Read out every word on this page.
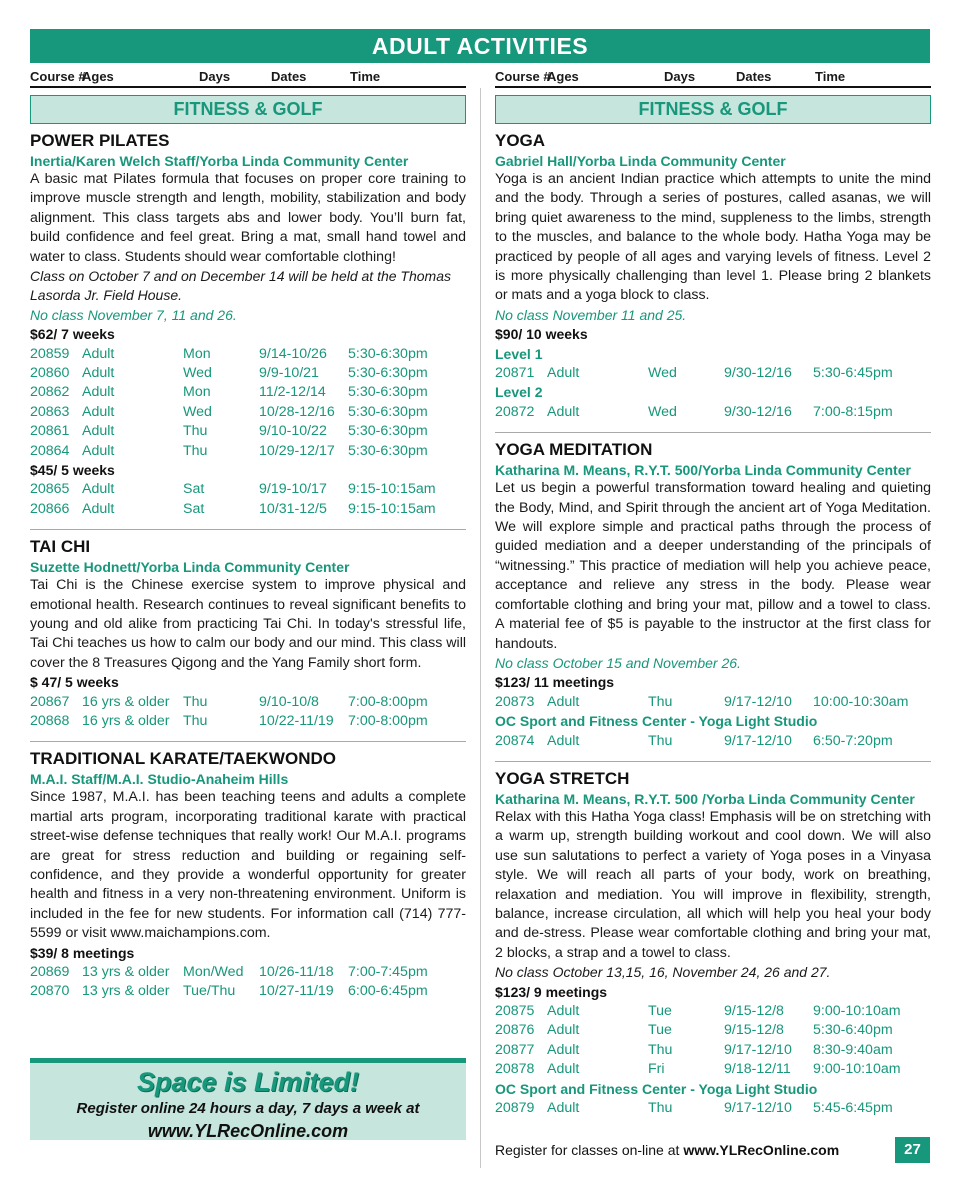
ADULT ACTIVITIES
Course #
Ages	Days	Dates	Time
FITNESS & GOLF
POWER PILATES
Inertia/Karen Welch Staff/Yorba Linda Community Center
A basic mat Pilates formula that focuses on proper core training to improve muscle strength and length, mobility, stabilization and body alignment. This class targets abs and lower body. You’ll burn fat, build confidence and feel great. Bring a mat, small hand towel and water to class. Students should wear comfortable clothing!
Class on October 7 and on December 14 will be held at the Thomas Lasorda Jr. Field House.
No class November 7, 11 and 26.
$62/ 7 weeks
20859 Adult	Mon	9/14-10/26 5:30-6:30pm
20860 Adult	Wed	9/9-10/21 5:30-6:30pm
20862 Adult	Mon	11/2-12/14 5:30-6:30pm
20863 Adult	Wed	10/28-12/16 5:30-6:30pm
20861 Adult	Thu	9/10-10/22 5:30-6:30pm
20864 Adult	Thu	10/29-12/17 5:30-6:30pm
$45/ 5 weeks
20865 Adult	Sat	9/19-10/17 9:15-10:15am
20866 Adult	Sat	10/31-12/5 9:15-10:15am
TAI CHI
Suzette Hodnett/Yorba Linda Community Center
Tai Chi is the Chinese exercise system to improve physical and emotional health. Research continues to reveal significant benefits to young and old alike from practicing Tai Chi. In today's stressful life, Tai Chi teaches us how to calm our body and our mind. This class will cover the 8 Treasures Qigong and the Yang Family short form.
$ 47/ 5 weeks
20867 16 yrs & older Thu	9/10-10/8 7:00-8:00pm
20868 16 yrs & older Thu	10/22-11/19 7:00-8:00pm
TRADITIONAL KARATE/TAEKWONDO
M.A.I. Staff/M.A.I. Studio-Anaheim Hills
Since 1987, M.A.I. has been teaching teens and adults a complete martial arts program, incorporating traditional karate with practical street-wise defense techniques that really work! Our M.A.I. programs are great for stress reduction and building or regaining self-confidence, and they provide a wonderful opportunity for greater health and fitness in a very non-threatening environment. Uniform is included in the fee for new students. For information call (714) 777-5599 or visit www.maichampions.com.
$39/ 8 meetings
20869 13 yrs & older Mon/Wed 10/26-11/18 7:00-7:45pm
20870 13 yrs & older Tue/Thu 10/27-11/19 6:00-6:45pm
Space is Limited!
Register online 24 hours a day, 7 days a week at
www.YLRecOnline.com
Course #
Ages	Days	Dates	Time
FITNESS & GOLF
YOGA
Gabriel Hall/Yorba Linda Community Center
Yoga is an ancient Indian practice which attempts to unite the mind and the body. Through a series of postures, called asanas, we will bring quiet awareness to the mind, suppleness to the limbs, strength to the muscles, and balance to the whole body. Hatha Yoga may be practiced by people of all ages and varying levels of fitness. Level 2 is more physically challenging than level 1. Please bring 2 blankets or mats and a yoga block to class.
No class November 11 and 25.
$90/ 10 weeks
Level 1
20871 Adult	Wed	9/30-12/16 5:30-6:45pm
Level 2
20872 Adult	Wed	9/30-12/16 7:00-8:15pm
YOGA MEDITATION
Katharina M. Means, R.Y.T. 500/Yorba Linda Community Center
Let us begin a powerful transformation toward healing and quieting the Body, Mind, and Spirit through the ancient art of Yoga Meditation. We will explore simple and practical paths through the process of guided mediation and a deeper understanding of the principals of “witnessing.” This practice of mediation will help you achieve peace, acceptance and relieve any stress in the body. Please wear comfortable clothing and bring your mat, pillow and a towel to class. A material fee of $5 is payable to the instructor at the first class for handouts.
No class October 15 and November 26.
$123/ 11 meetings
20873 Adult	Thu	9/17-12/10 10:00-10:30am
OC Sport and Fitness Center - Yoga Light Studio
20874 Adult	Thu	9/17-12/10 6:50-7:20pm
YOGA STRETCH
Katharina M. Means, R.Y.T. 500 /Yorba Linda Community Center
Relax with this Hatha Yoga class! Emphasis will be on stretching with a warm up, strength building workout and cool down. We will also use sun salutations to perfect a variety of Yoga poses in a Vinyasa style. We will reach all parts of your body, work on breathing, relaxation and mediation. You will improve in flexibility, strength, balance, increase circulation, all which will help you heal your body and de-stress. Please wear comfortable clothing and bring your mat, 2 blocks, a strap and a towel to class.
No class October 13,15, 16, November 24, 26 and 27.
$123/ 9 meetings
20875 Adult	Tue	9/15-12/8 9:00-10:10am
20876 Adult	Tue	9/15-12/8 5:30-6:40pm
20877 Adult	Thu	9/17-12/10 8:30-9:40am
20878 Adult	Fri	9/18-12/11 9:00-10:10am
OC Sport and Fitness Center - Yoga Light Studio
20879 Adult	Thu	9/17-12/10 5:45-6:45pm
Register for classes on-line at www.YLRecOnline.com	27
